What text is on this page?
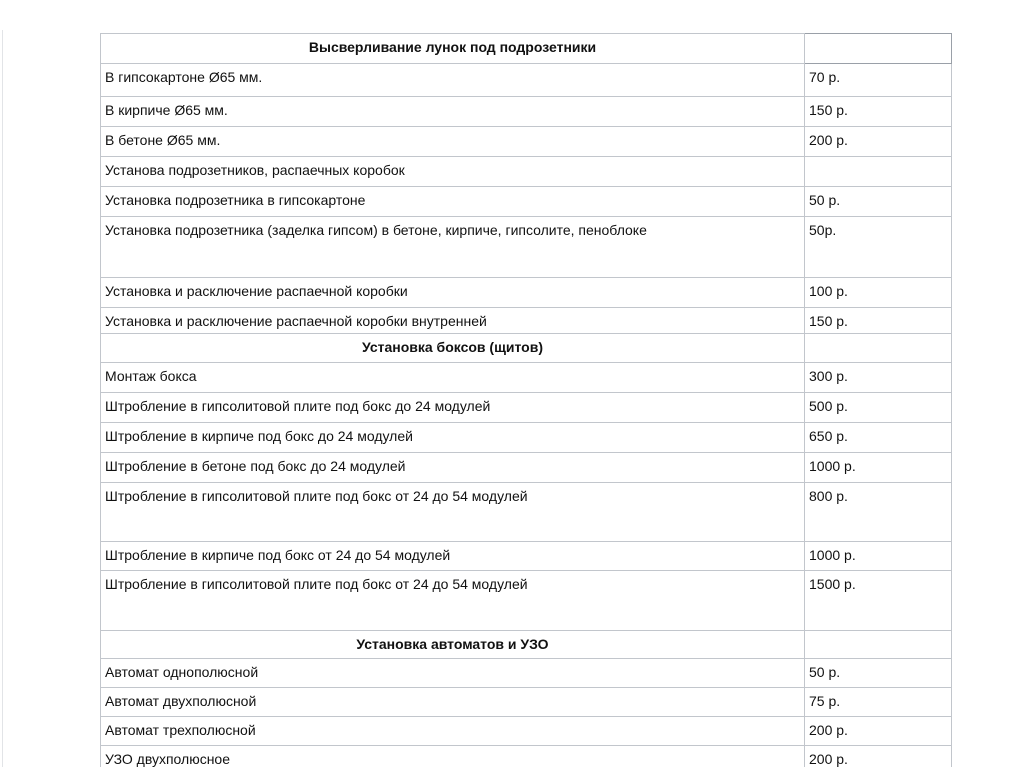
Высверливание лунок под подрозетники	
В гипсокартоне Ø65 мм.	70 р.
В кирпиче Ø65 мм.	150 р.
В бетоне Ø65 мм.	200 р.
Установа подрозетников, распаечных коробок	
Установка подрозетника в гипсокартоне	50 р.
Установка подрозетника (заделка гипсом) в бетоне, кирпиче, гипсолите, пеноблоке	50р.
Установка и расключение распаечной коробки	100 р.
Установка и расключение распаечной коробки внутренней	150 р.
Установка боксов (щитов)	
Монтаж бокса	300 р.
Штробление в гипсолитовой плите под бокс до 24 модулей	500 р.
Штробление в кирпиче под бокс до 24 модулей	650 р.
Штробление в бетоне под бокс до 24 модулей	1000 р.
Штробление в гипсолитовой плите под бокс от 24 до 54 модулей	800 р.
Штробление в кирпиче под бокс от 24 до 54 модулей	1000 р.
Штробление в гипсолитовой плите под бокс от 24 до 54 модулей	1500 р.
Установка автоматов и УЗО	
Автомат однополюсной	50 р.
Автомат двухполюсной	75 р.
Автомат трехполюсной	200 р.
УЗО двухполюсное	200 р.
